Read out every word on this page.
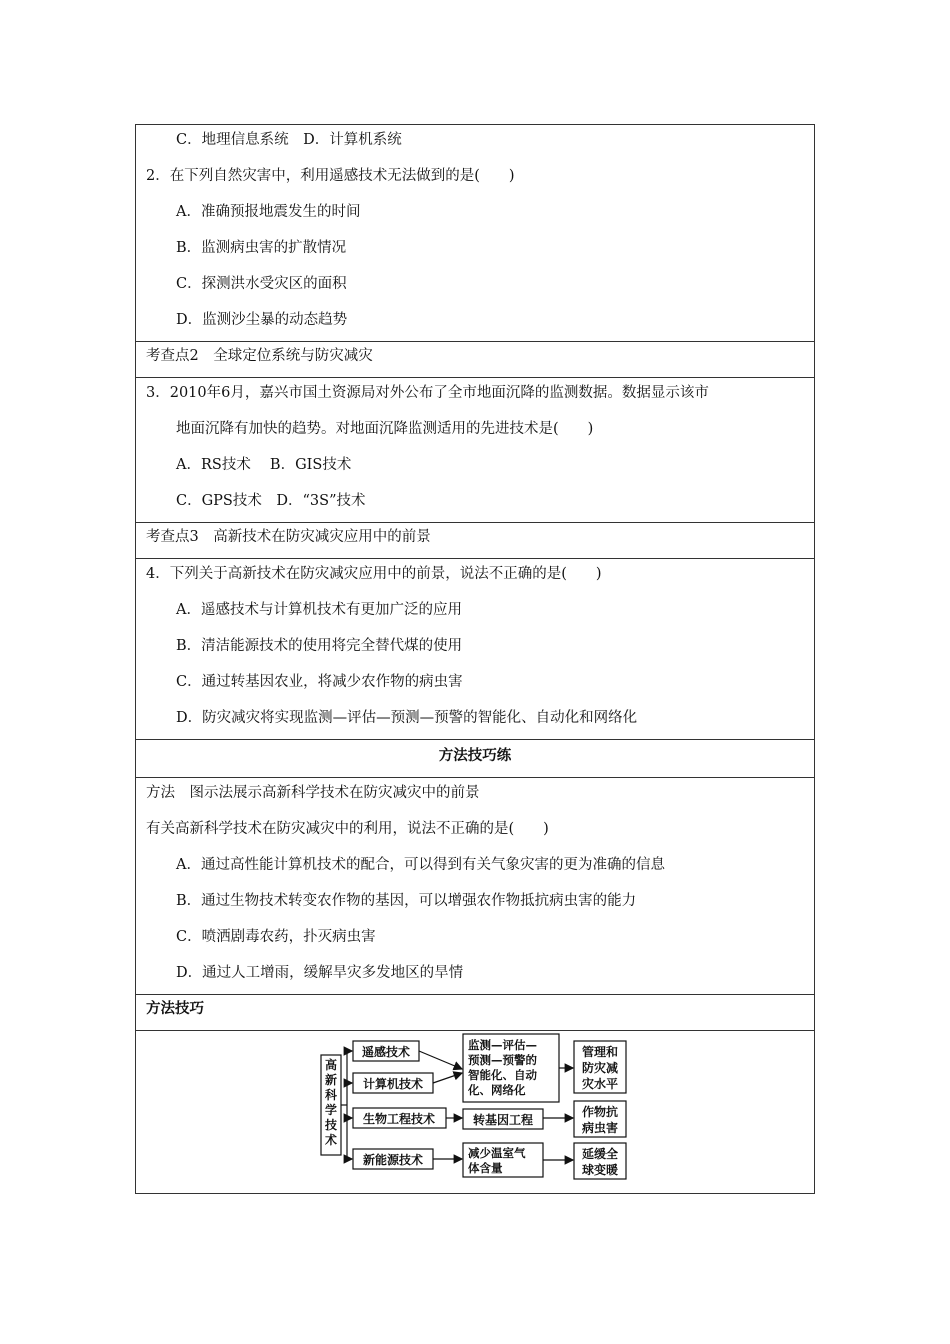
C．地理信息系统　D．计算机系统
2．在下列自然灾害中，利用遥感技术无法做到的是(　　)
A．准确预报地震发生的时间
B．监测病虫害的扩散情况
C．探测洪水受灾区的面积
D．监测沙尘暴的动态趋势
考查点2　全球定位系统与防灾减灾
3．2010年6月，嘉兴市国土资源局对外公布了全市地面沉降的监测数据。数据显示该市
地面沉降有加快的趋势。对地面沉降监测适用的先进技术是(　　)
A．RS技术　 B．GIS技术
C．GPS技术　D．“3S”技术
考查点3　高新技术在防灾减灾应用中的前景
4．下列关于高新技术在防灾减灾应用中的前景，说法不正确的是(　　)
A．遥感技术与计算机技术有更加广泛的应用
B．清洁能源技术的使用将完全替代煤的使用
C．通过转基因农业，将减少农作物的病虫害
D．防灾减灾将实现监测—评估—预测—预警的智能化、自动化和网络化
方法技巧练
方法　图示法展示高新科学技术在防灾减灾中的前景
有关高新科学技术在防灾减灾中的利用，说法不正确的是(　　)
A．通过高性能计算机技术的配合，可以得到有关气象灾害的更为准确的信息
B．通过生物技术转变农作物的基因，可以增强农作物抵抗病虫害的能力
C．喷洒剧毒农药，扑灭病虫害
D．通过人工增雨，缓解旱灾多发地区的旱情
方法技巧
高
新
科
学
技
术
遥感技术
计算机技术
生物工程技术
新能源技术
监测—评估—
预测—预警的
智能化、自动
化、网络化
转基因工程
减少温室气
体含量
管理和
防灾减
灾水平
作物抗
病虫害
延缓全
球变暖
